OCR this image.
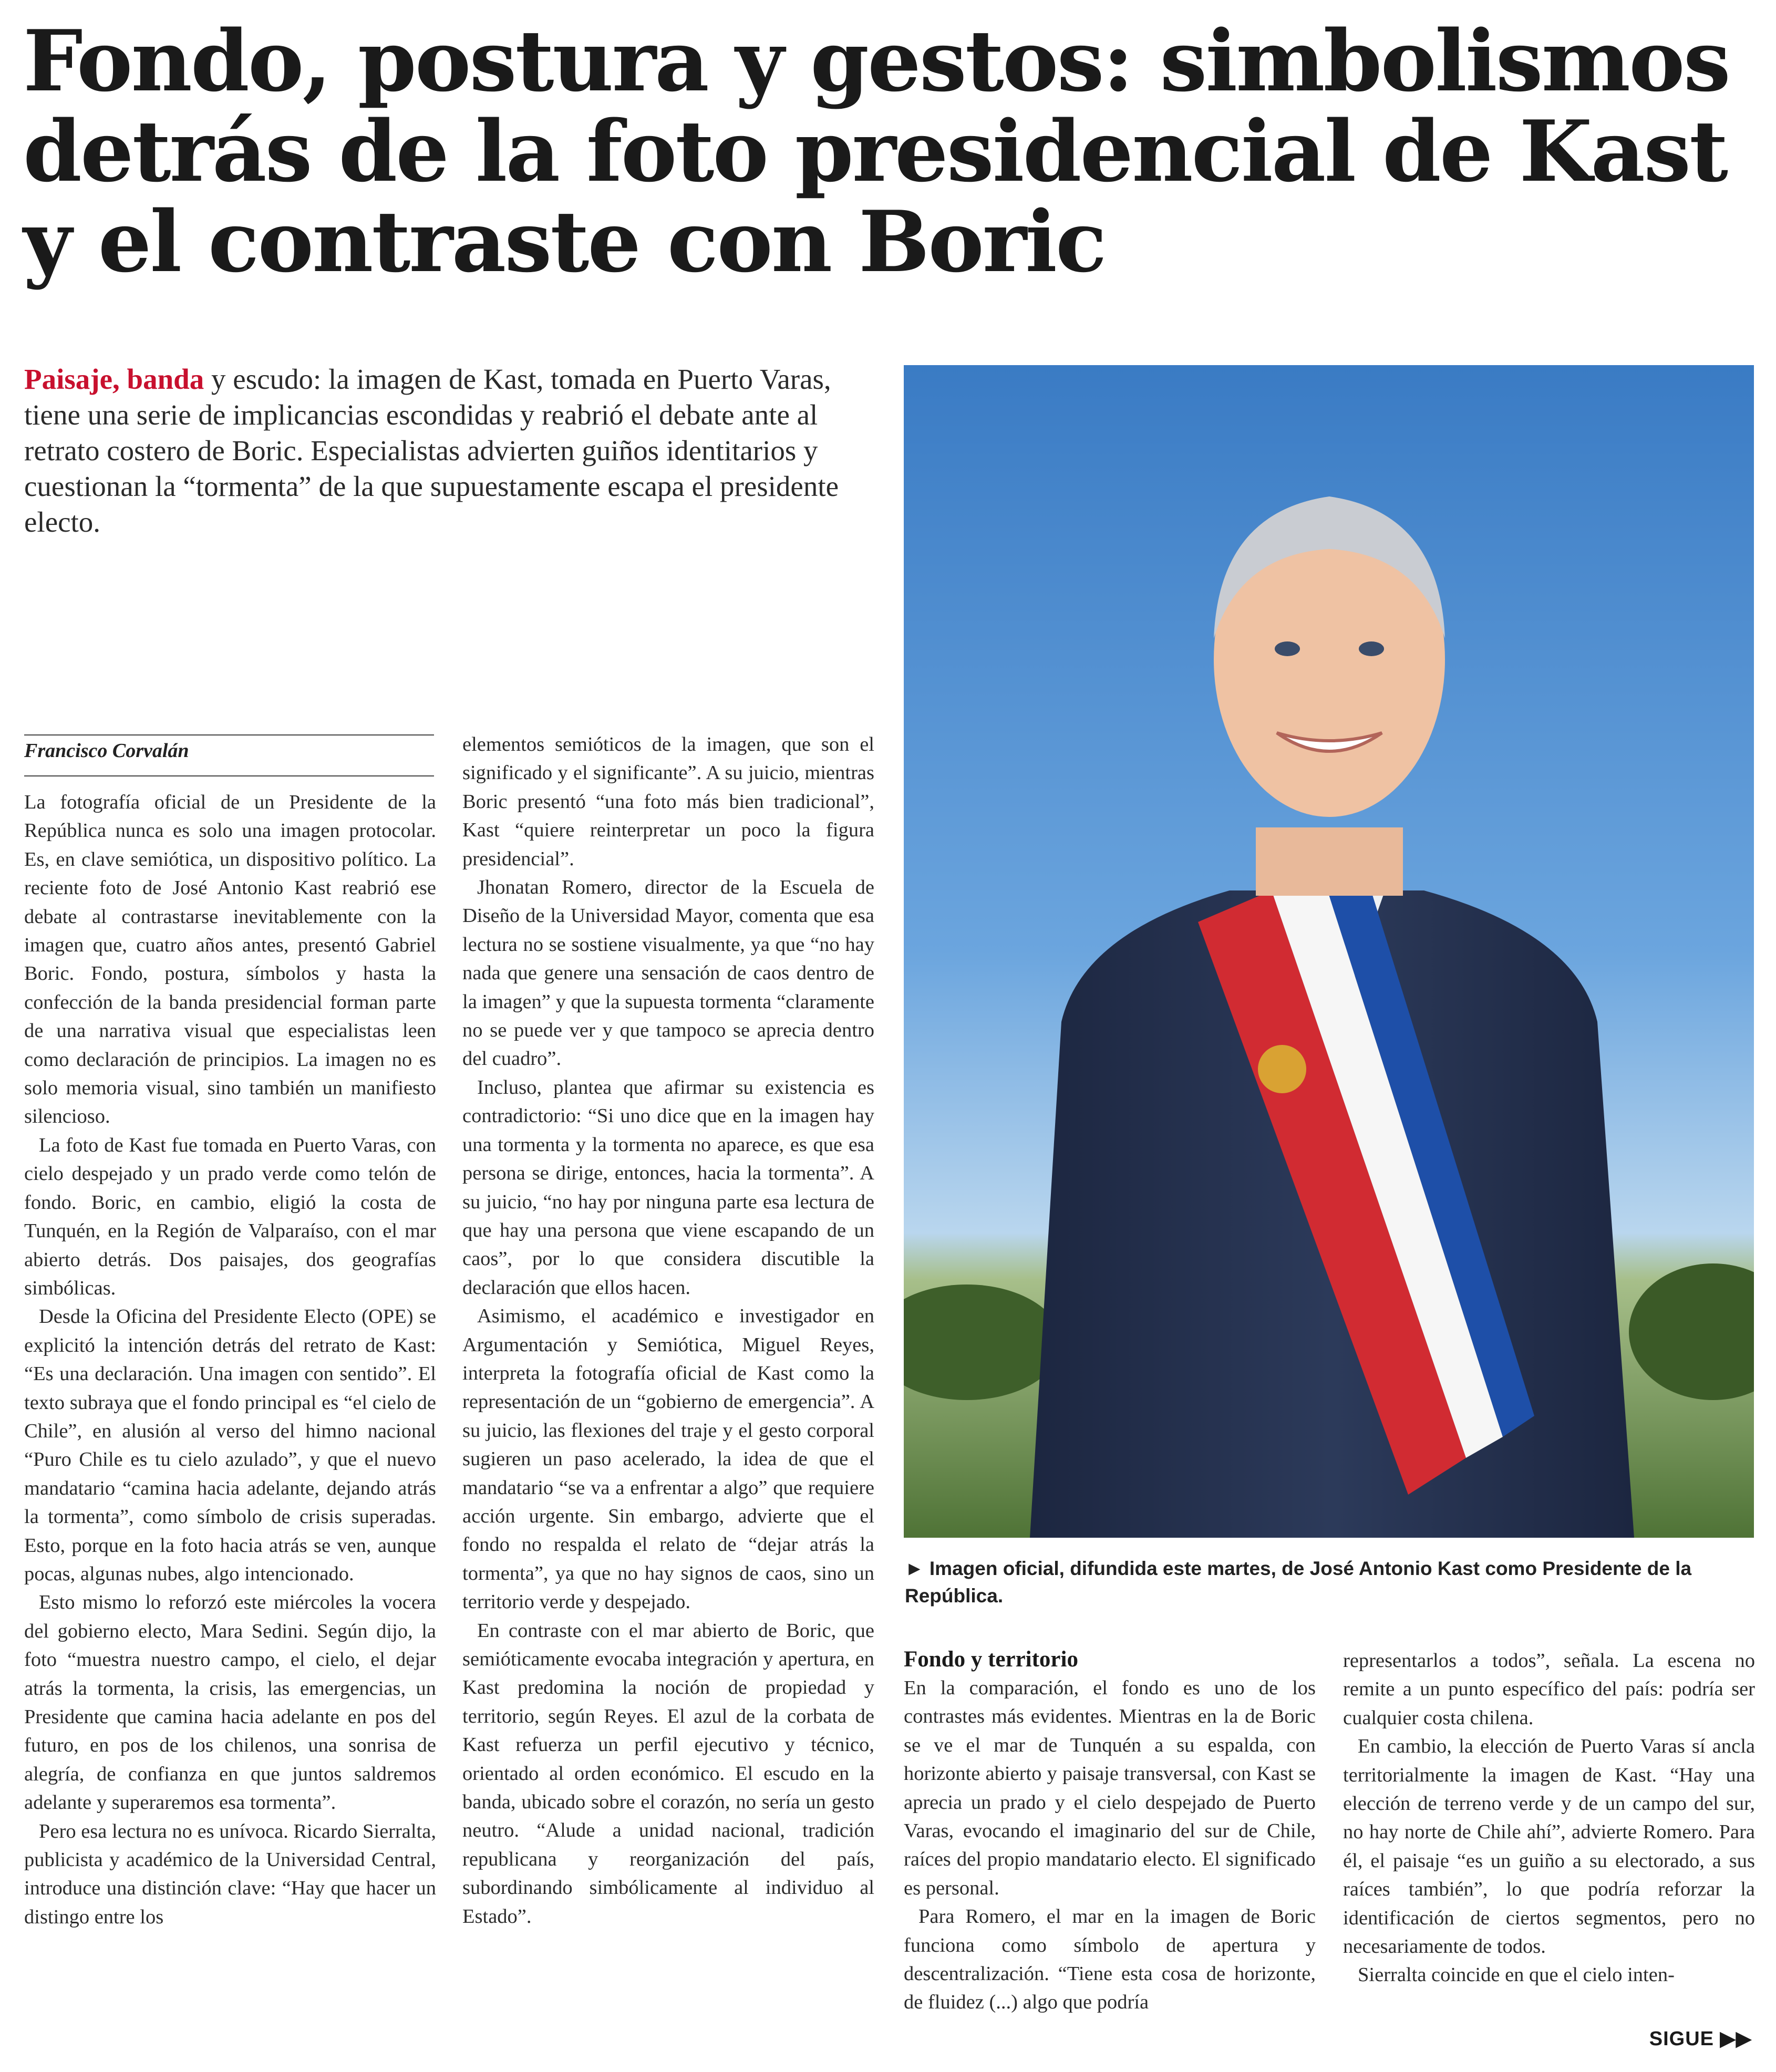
Fondo, postura y gestos: simbolismos detrás de la foto presidencial de Kast y el contraste con Boric
Paisaje, banda y escudo: la imagen de Kast, tomada en Puerto Varas, tiene una serie de implicancias escondidas y reabrió el debate ante al retrato costero de Boric. Especialistas advierten guiños identitarios y cuestionan la “tormenta” de la que supuestamente escapa el presidente electo.
► Imagen oficial, difundida este martes, de José Antonio Kast como Presidente de la República.
Francisco Corvalán

La fotografía oficial de un Presidente de la República nunca es solo una imagen protocolar. Es, en clave semiótica, un dispositivo político. La reciente foto de José Antonio Kast reabrió ese debate al contrastarse inevitablemente con la imagen que, cuatro años antes, presentó Gabriel Boric. Fondo, postura, símbolos y hasta la confección de la banda presidencial forman parte de una narrativa visual que especialistas leen como declaración de principios. La imagen no es solo memoria visual, sino también un manifiesto silencioso.

La foto de Kast fue tomada en Puerto Varas, con cielo despejado y un prado verde como telón de fondo. Boric, en cambio, eligió la costa de Tunquén, en la Región de Valparaíso, con el mar abierto detrás. Dos paisajes, dos geografías simbólicas.

Desde la Oficina del Presidente Electo (OPE) se explicitó la intención detrás del retrato de Kast: “Es una declaración. Una imagen con sentido”. El texto subraya que el fondo principal es “el cielo de Chile”, en alusión al verso del himno nacional “Puro Chile es tu cielo azulado”, y que el nuevo mandatario “camina hacia adelante, dejando atrás la tormenta”, como símbolo de crisis superadas. Esto, porque en la foto hacia atrás se ven, aunque pocas, algunas nubes, algo intencionado.

Esto mismo lo reforzó este miércoles la vocera del gobierno electo, Mara Sedini. Según dijo, la foto “muestra nuestro campo, el cielo, el dejar atrás la tormenta, la crisis, las emergencias, un Presidente que camina hacia adelante en pos del futuro, en pos de los chilenos, una sonrisa de alegría, de confianza en que juntos saldremos adelante y superaremos esa tormenta”.

Pero esa lectura no es unívoca. Ricardo Sierralta, publicista y académico de la Universidad Central, introduce una distinción clave: “Hay que hacer un distingo entre los

elementos semióticos de la imagen, que son el significado y el significante”. A su juicio, mientras Boric presentó “una foto más bien tradicional”, Kast “quiere reinterpretar un poco la figura presidencial”.

Jhonatan Romero, director de la Escuela de Diseño de la Universidad Mayor, comenta que esa lectura no se sostiene visualmente, ya que “no hay nada que genere una sensación de caos dentro de la imagen” y que la supuesta tormenta “claramente no se puede ver y que tampoco se aprecia dentro del cuadro”.

Incluso, plantea que afirmar su existencia es contradictorio: “Si uno dice que en la imagen hay una tormenta y la tormenta no aparece, es que esa persona se dirige, entonces, hacia la tormenta”. A su juicio, “no hay por ninguna parte esa lectura de que hay una persona que viene escapando de un caos”, por lo que considera discutible la declaración que ellos hacen.

Asimismo, el académico e investigador en Argumentación y Semiótica, Miguel Reyes, interpreta la fotografía oficial de Kast como la representación de un “gobierno de emergencia”. A su juicio, las flexiones del traje y el gesto corporal sugieren un paso acelerado, la idea de que el mandatario “se va a enfrentar a algo” que requiere acción urgente. Sin embargo, advierte que el fondo no respalda el relato de “dejar atrás la tormenta”, ya que no hay signos de caos, sino un territorio verde y despejado.

En contraste con el mar abierto de Boric, que semióticamente evocaba integración y apertura, en Kast predomina la noción de propiedad y territorio, según Reyes. El azul de la corbata de Kast refuerza un perfil ejecutivo y técnico, orientado al orden económico. El escudo en la banda, ubicado sobre el corazón, no sería un gesto neutro. “Alude a unidad nacional, tradición republicana y reorganización del país, subordinando simbólicamente al individuo al Estado”.

Fondo y territorio

En la comparación, el fondo es uno de los contrastes más evidentes. Mientras en la de Boric se ve el mar de Tunquén a su espalda, con horizonte abierto y paisaje transversal, con Kast se aprecia un prado y el cielo despejado de Puerto Varas, evocando el imaginario del sur de Chile, raíces del propio mandatario electo. El significado es personal.

Para Romero, el mar en la imagen de Boric funciona como símbolo de apertura y descentralización. “Tiene esta cosa de horizonte, de fluidez (...) algo que podría

representarlos a todos”, señala. La escena no remite a un punto específico del país: podría ser cualquier costa chilena.

En cambio, la elección de Puerto Varas sí ancla territorialmente la imagen de Kast. “Hay una elección de terreno verde y de un campo del sur, no hay norte de Chile ahí”, advierte Romero. Para él, el paisaje “es un guiño a su electorado, a sus raíces también”, lo que podría reforzar la identificación de ciertos segmentos, pero no necesariamente de todos.

Sierralta coincide en que el cielo inten-

SIGUE ▶▶
